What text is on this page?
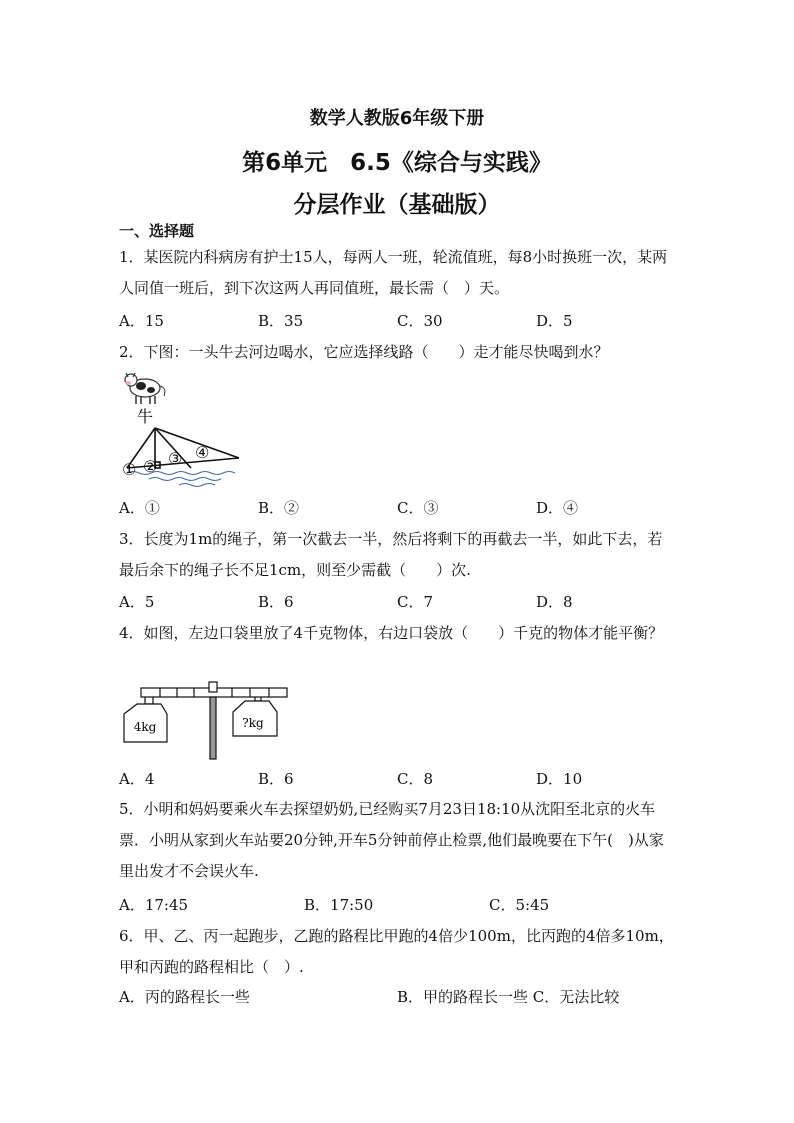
数学人教版6年级下册
第6单元　6.5《综合与实践》
分层作业（基础版）
一、选择题
1．某医院内科病房有护士15人，每两人一班，轮流值班，每8小时换班一次，某两人同值一班后，到下次这两人再同值班，最长需（　）天。
A．15	B．35	C．30	D．5
2．下图：一头牛去河边喝水，它应选择线路（　　）走才能尽快喝到水？
牛
① ② ③ ④
A．①	B．②	C．③	D．④
3．长度为1m的绳子，第一次截去一半，然后将剩下的再截去一半，如此下去，若最后余下的绳子长不足1cm，则至少需截（　　）次.
A．5	B．6	C．7	D．8
4．如图，左边口袋里放了4千克物体，右边口袋放（　　）千克的物体才能平衡？
4kg	?kg
A．4	B．6	C．8	D．10
5．小明和妈妈要乘火车去探望奶奶,已经购买7月23日18:10从沈阳至北京的火车票．小明从家到火车站要20分钟,开车5分钟前停止检票,他们最晚要在下午(　)从家里出发才不会误火车.
A．17:45	B．17:50	C．5:45
6．甲、乙、丙一起跑步，乙跑的路程比甲跑的4倍少100m，比丙跑的4倍多10m，甲和丙跑的路程相比（　）.
A．丙的路程长一些	B．甲的路程长一些 C．无法比较
